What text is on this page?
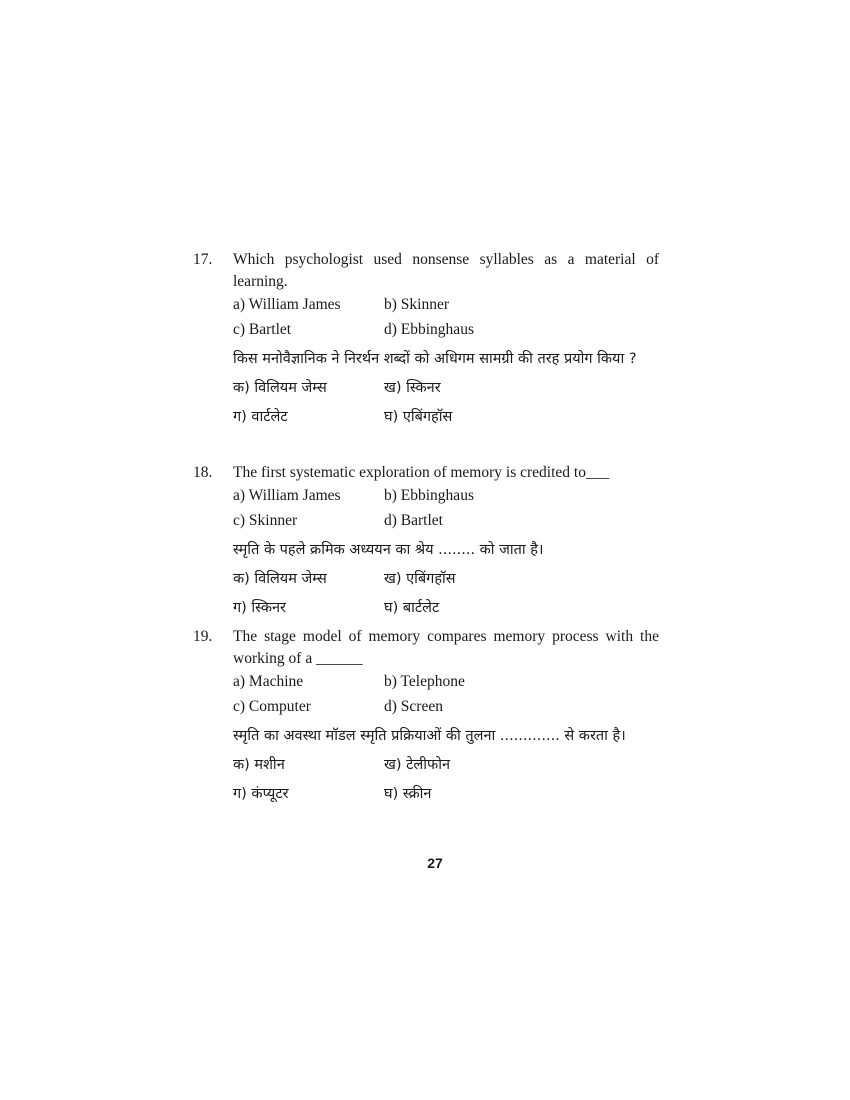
17. Which psychologist used nonsense syllables as a material of learning.

a) William James	b) Skinner
c) Bartlet	d) Ebbinghaus

किस मनोवैज्ञानिक ने निरर्थन शब्दों को अधिगम सामग्री की तरह प्रयोग किया ?

क) विलियम जेम्स	ख) स्किनर
ग) वार्टलेट	घ) एबिंगहॉस
18. The first systematic exploration of memory is credited to___

a) William James	b) Ebbinghaus
c) Skinner	d) Bartlet

स्मृति के पहले क्रमिक अध्ययन का श्रेय ........ को जाता है।

क) विलियम जेम्स	ख) एबिंगहॉस
ग) स्किनर	घ) बार्टलेट
19. The stage model of memory compares memory process with the working of a ______

a) Machine	b) Telephone
c) Computer	d) Screen

स्मृति का अवस्था मॉडल स्मृति प्रक्रियाओं की तुलना ............. से करता है।

क) मशीन	ख) टेलीफोन
ग) कंप्यूटर	घ) स्क्रीन
27
